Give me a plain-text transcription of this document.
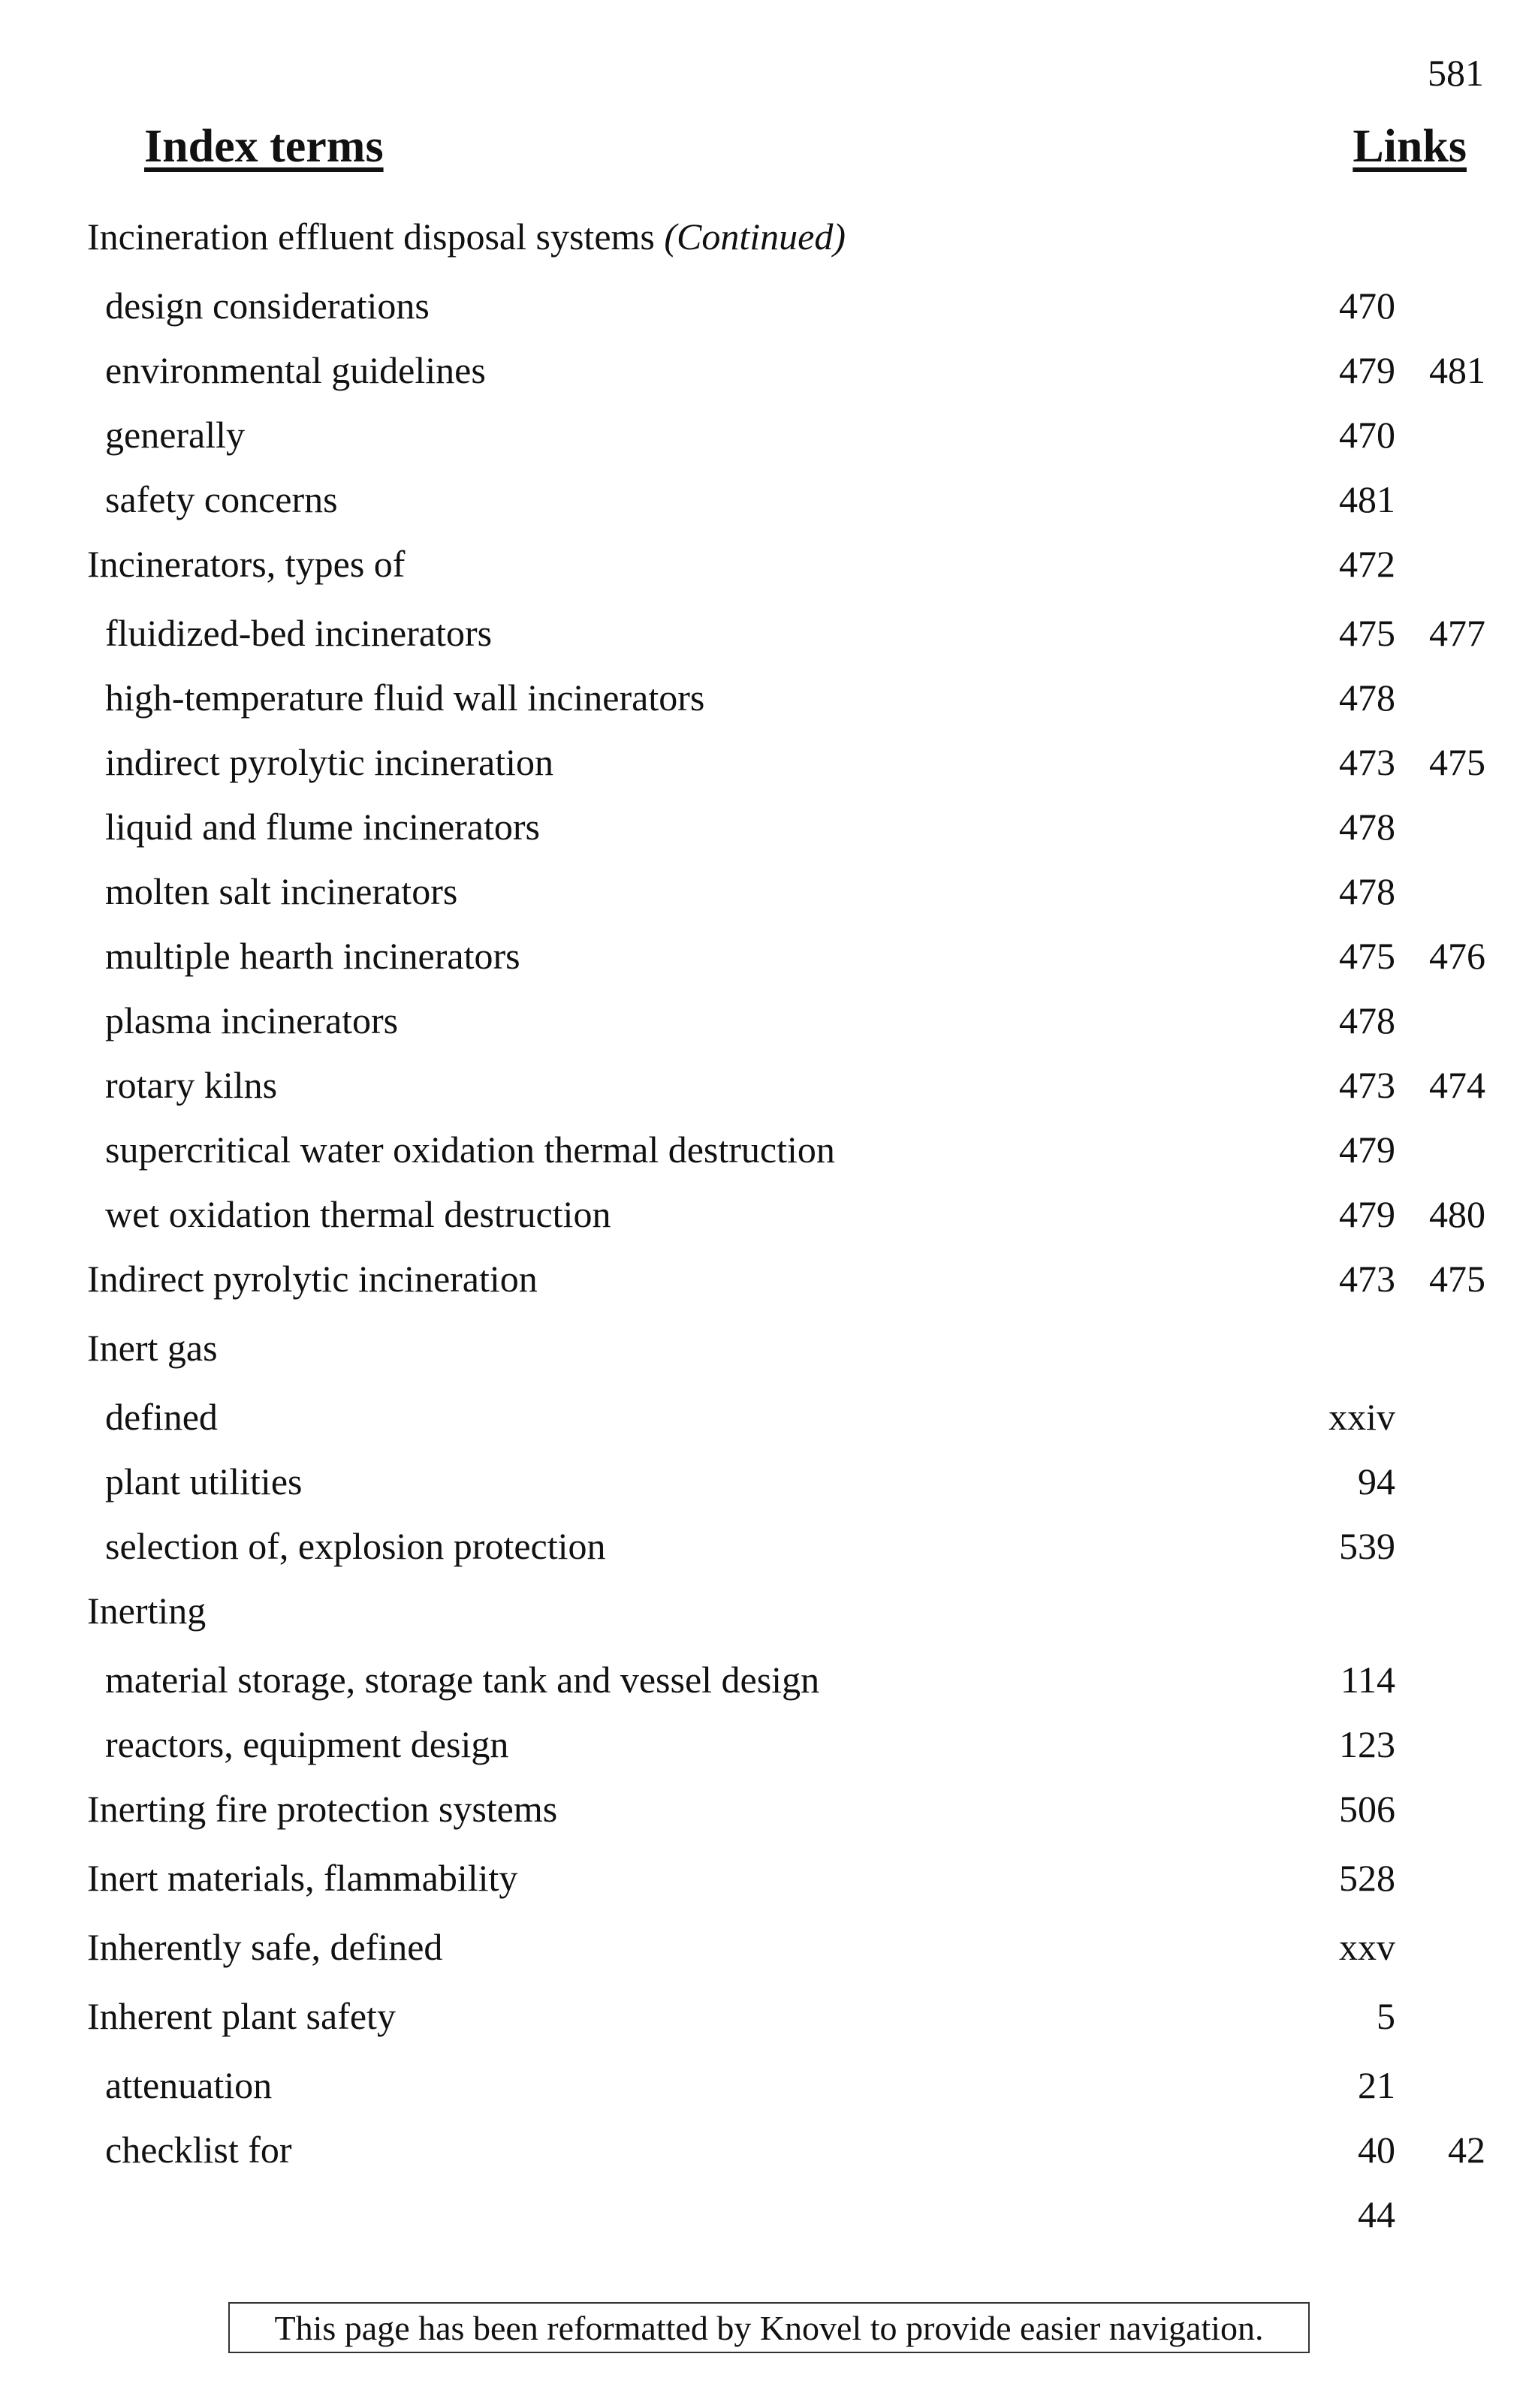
581
Index terms	Links
Incineration effluent disposal systems (Continued)
design considerations	470
environmental guidelines	479 481
generally	470
safety concerns	481
Incinerators, types of	472
fluidized-bed incinerators	475 477
high-temperature fluid wall incinerators	478
indirect pyrolytic incineration	473 475
liquid and flume incinerators	478
molten salt incinerators	478
multiple hearth incinerators	475 476
plasma incinerators	478
rotary kilns	473 474
supercritical water oxidation thermal destruction	479
wet oxidation thermal destruction	479 480
Indirect pyrolytic incineration	473 475
Inert gas
defined	xxiv
plant utilities	94
selection of, explosion protection	539
Inerting
material storage, storage tank and vessel design	114
reactors, equipment design	123
Inerting fire protection systems	506
Inert materials, flammability	528
Inherently safe, defined	xxv
Inherent plant safety	5
attenuation	21
checklist for	40 42
44
This page has been reformatted by Knovel to provide easier navigation.
